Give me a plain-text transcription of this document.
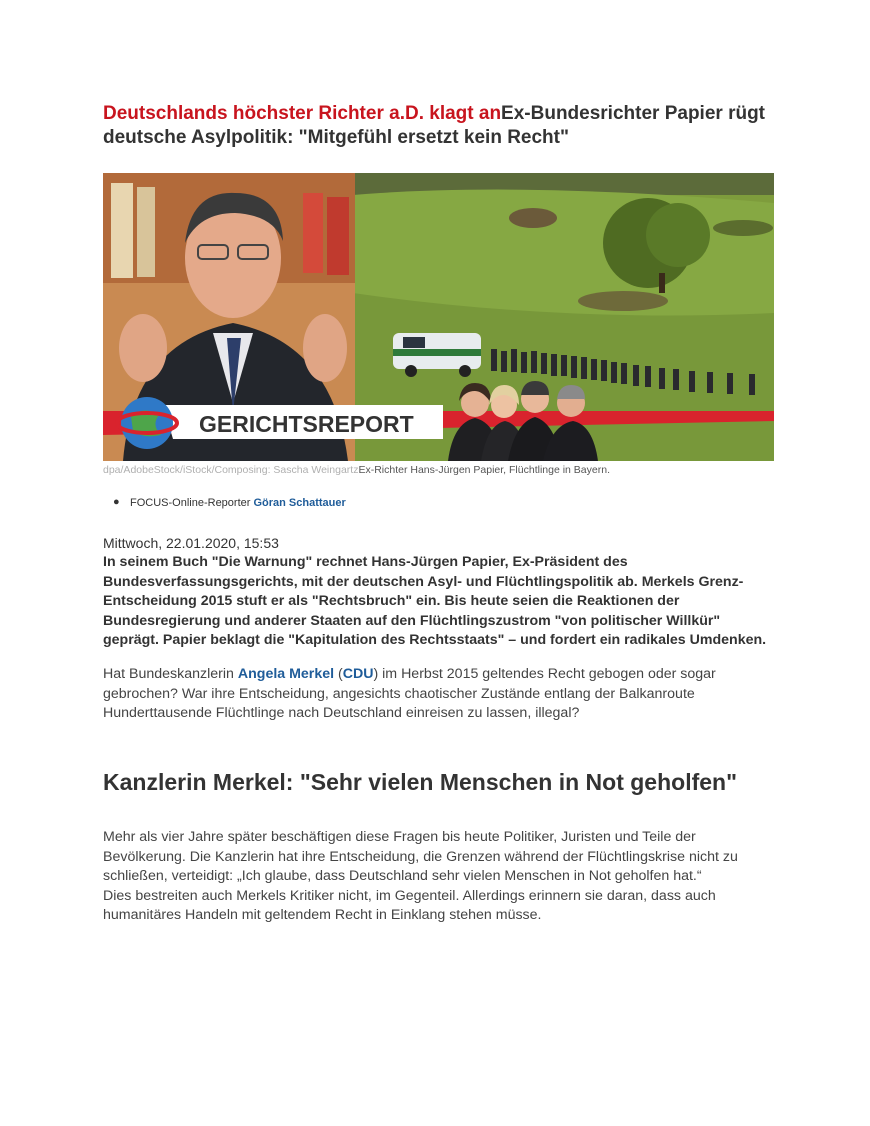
Deutschlands höchster Richter a.D. klagt anEx-Bundesrichter Papier rügt deutsche Asylpolitik: "Mitgefühl ersetzt kein Recht"
GERICHTSREPORT
dpa/AdobeStock/iStock/Composing: Sascha WeingartzEx-Richter Hans-Jürgen Papier, Flüchtlinge in Bayern.
● FOCUS-Online-Reporter Göran Schattauer
Mittwoch, 22.01.2020, 15:53
In seinem Buch "Die Warnung" rechnet Hans-Jürgen Papier, Ex-Präsident des Bundesverfassungsgerichts, mit der deutschen Asyl- und Flüchtlingspolitik ab. Merkels Grenz-Entscheidung 2015 stuft er als "Rechtsbruch" ein. Bis heute seien die Reaktionen der Bundesregierung und anderer Staaten auf den Flüchtlingszustrom "von politischer Willkür" geprägt. Papier beklagt die "Kapitulation des Rechtsstaats" – und fordert ein radikales Umdenken.
Hat Bundeskanzlerin Angela Merkel (CDU) im Herbst 2015 geltendes Recht gebogen oder sogar gebrochen? War ihre Entscheidung, angesichts chaotischer Zustände entlang der Balkanroute Hunderttausende Flüchtlinge nach Deutschland einreisen zu lassen, illegal?
Kanzlerin Merkel: "Sehr vielen Menschen in Not geholfen"

Mehr als vier Jahre später beschäftigen diese Fragen bis heute Politiker, Juristen und Teile der Bevölkerung. Die Kanzlerin hat ihre Entscheidung, die Grenzen während der Flüchtlingskrise nicht zu schließen, verteidigt: „Ich glaube, dass Deutschland sehr vielen Menschen in Not geholfen hat.“

Dies bestreiten auch Merkels Kritiker nicht, im Gegenteil. Allerdings erinnern sie daran, dass auch humanitäres Handeln mit geltendem Recht in Einklang stehen müsse.
